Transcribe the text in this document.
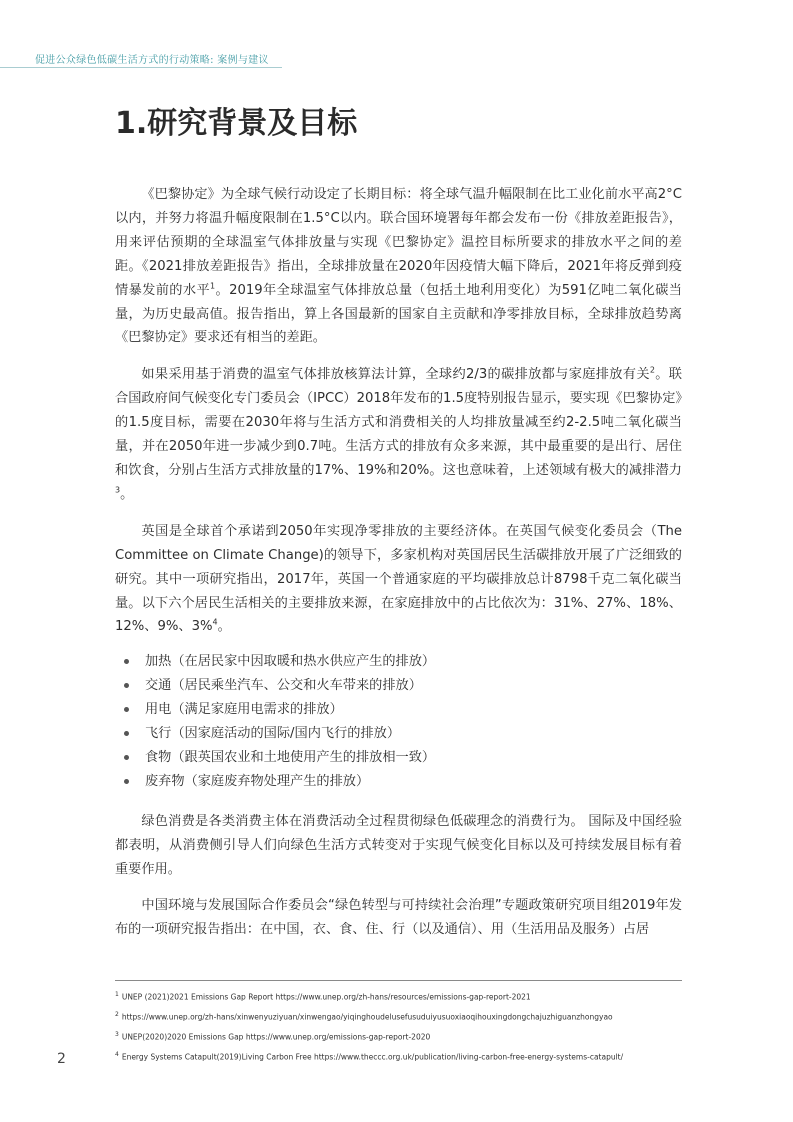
促进公众绿色低碳生活方式的行动策略: 案例与建议
1.研究背景及目标

《巴黎协定》为全球气候行动设定了长期目标：将全球气温升幅限制在比工业化前水平高2°C以内，并努力将温升幅度限制在1.5°C以内。联合国环境署每年都会发布一份《排放差距报告》，用来评估预期的全球温室气体排放量与实现《巴黎协定》温控目标所要求的排放水平之间的差距。《2021排放差距报告》指出，全球排放量在2020年因疫情大幅下降后，2021年将反弹到疫情暴发前的水平$^1$。2019年全球温室气体排放总量（包括土地利用变化）为591亿吨二氧化碳当量，为历史最高值。报告指出，算上各国最新的国家自主贡献和净零排放目标，全球排放趋势离《巴黎协定》要求还有相当的差距。

如果采用基于消费的温室气体排放核算法计算，全球约2/3的碳排放都与家庭排放有关$^2$。联合国政府间气候变化专门委员会（IPCC）2018年发布的1.5度特别报告显示，要实现《巴黎协定》的1.5度目标，需要在2030年将与生活方式和消费相关的人均排放量减至约2-2.5吨二氧化碳当量，并在2050年进一步减少到0.7吨。生活方式的排放有众多来源，其中最重要的是出行、居住和饮食，分别占生活方式排放量的17%、19%和20%。这也意味着，上述领域有极大的减排潜力$^3$。

英国是全球首个承诺到2050年实现净零排放的主要经济体。在英国气候变化委员会（The Committee on Climate Change)的领导下，多家机构对英国居民生活碳排放开展了广泛细致的研究。其中一项研究指出，2017年，英国一个普通家庭的平均碳排放总计8798千克二氧化碳当量。以下六个居民生活相关的主要排放来源，在家庭排放中的占比依次为：31%、27%、18%、12%、9%、3%$^4$。

加热（在居民家中因取暖和热水供应产生的排放）
交通（居民乘坐汽车、公交和火车带来的排放）
用电（满足家庭用电需求的排放）
飞行（因家庭活动的国际/国内飞行的排放）
食物（跟英国农业和土地使用产生的排放相一致）
废弃物（家庭废弃物处理产生的排放）

绿色消费是各类消费主体在消费活动全过程贯彻绿色低碳理念的消费行为。 国际及中国经验都表明，从消费侧引导人们向绿色生活方式转变对于实现气候变化目标以及可持续发展目标有着重要作用。

中国环境与发展国际合作委员会“绿色转型与可持续社会治理”专题政策研究项目组2019年发布的一项研究报告指出：在中国，衣、食、住、行（以及通信）、用（生活用品及服务）占居

$^1$ UNEP (2021)2021 Emissions Gap Report https://www.unep.org/zh-hans/resources/emissions-gap-report-2021
$^2$ https://www.unep.org/zh-hans/xinwenyuziyuan/xinwengao/yiqinghoudelusefusuduiyusuoxiaoqihouxingdongchajuzhiguanzhongyao
$^3$ UNEP(2020)2020 Emissions Gap https://www.unep.org/emissions-gap-report-2020
$^4$ Energy Systems Catapult(2019)Living Carbon Free https://www.theccc.org.uk/publication/living-carbon-free-energy-systems-catapult/
2
